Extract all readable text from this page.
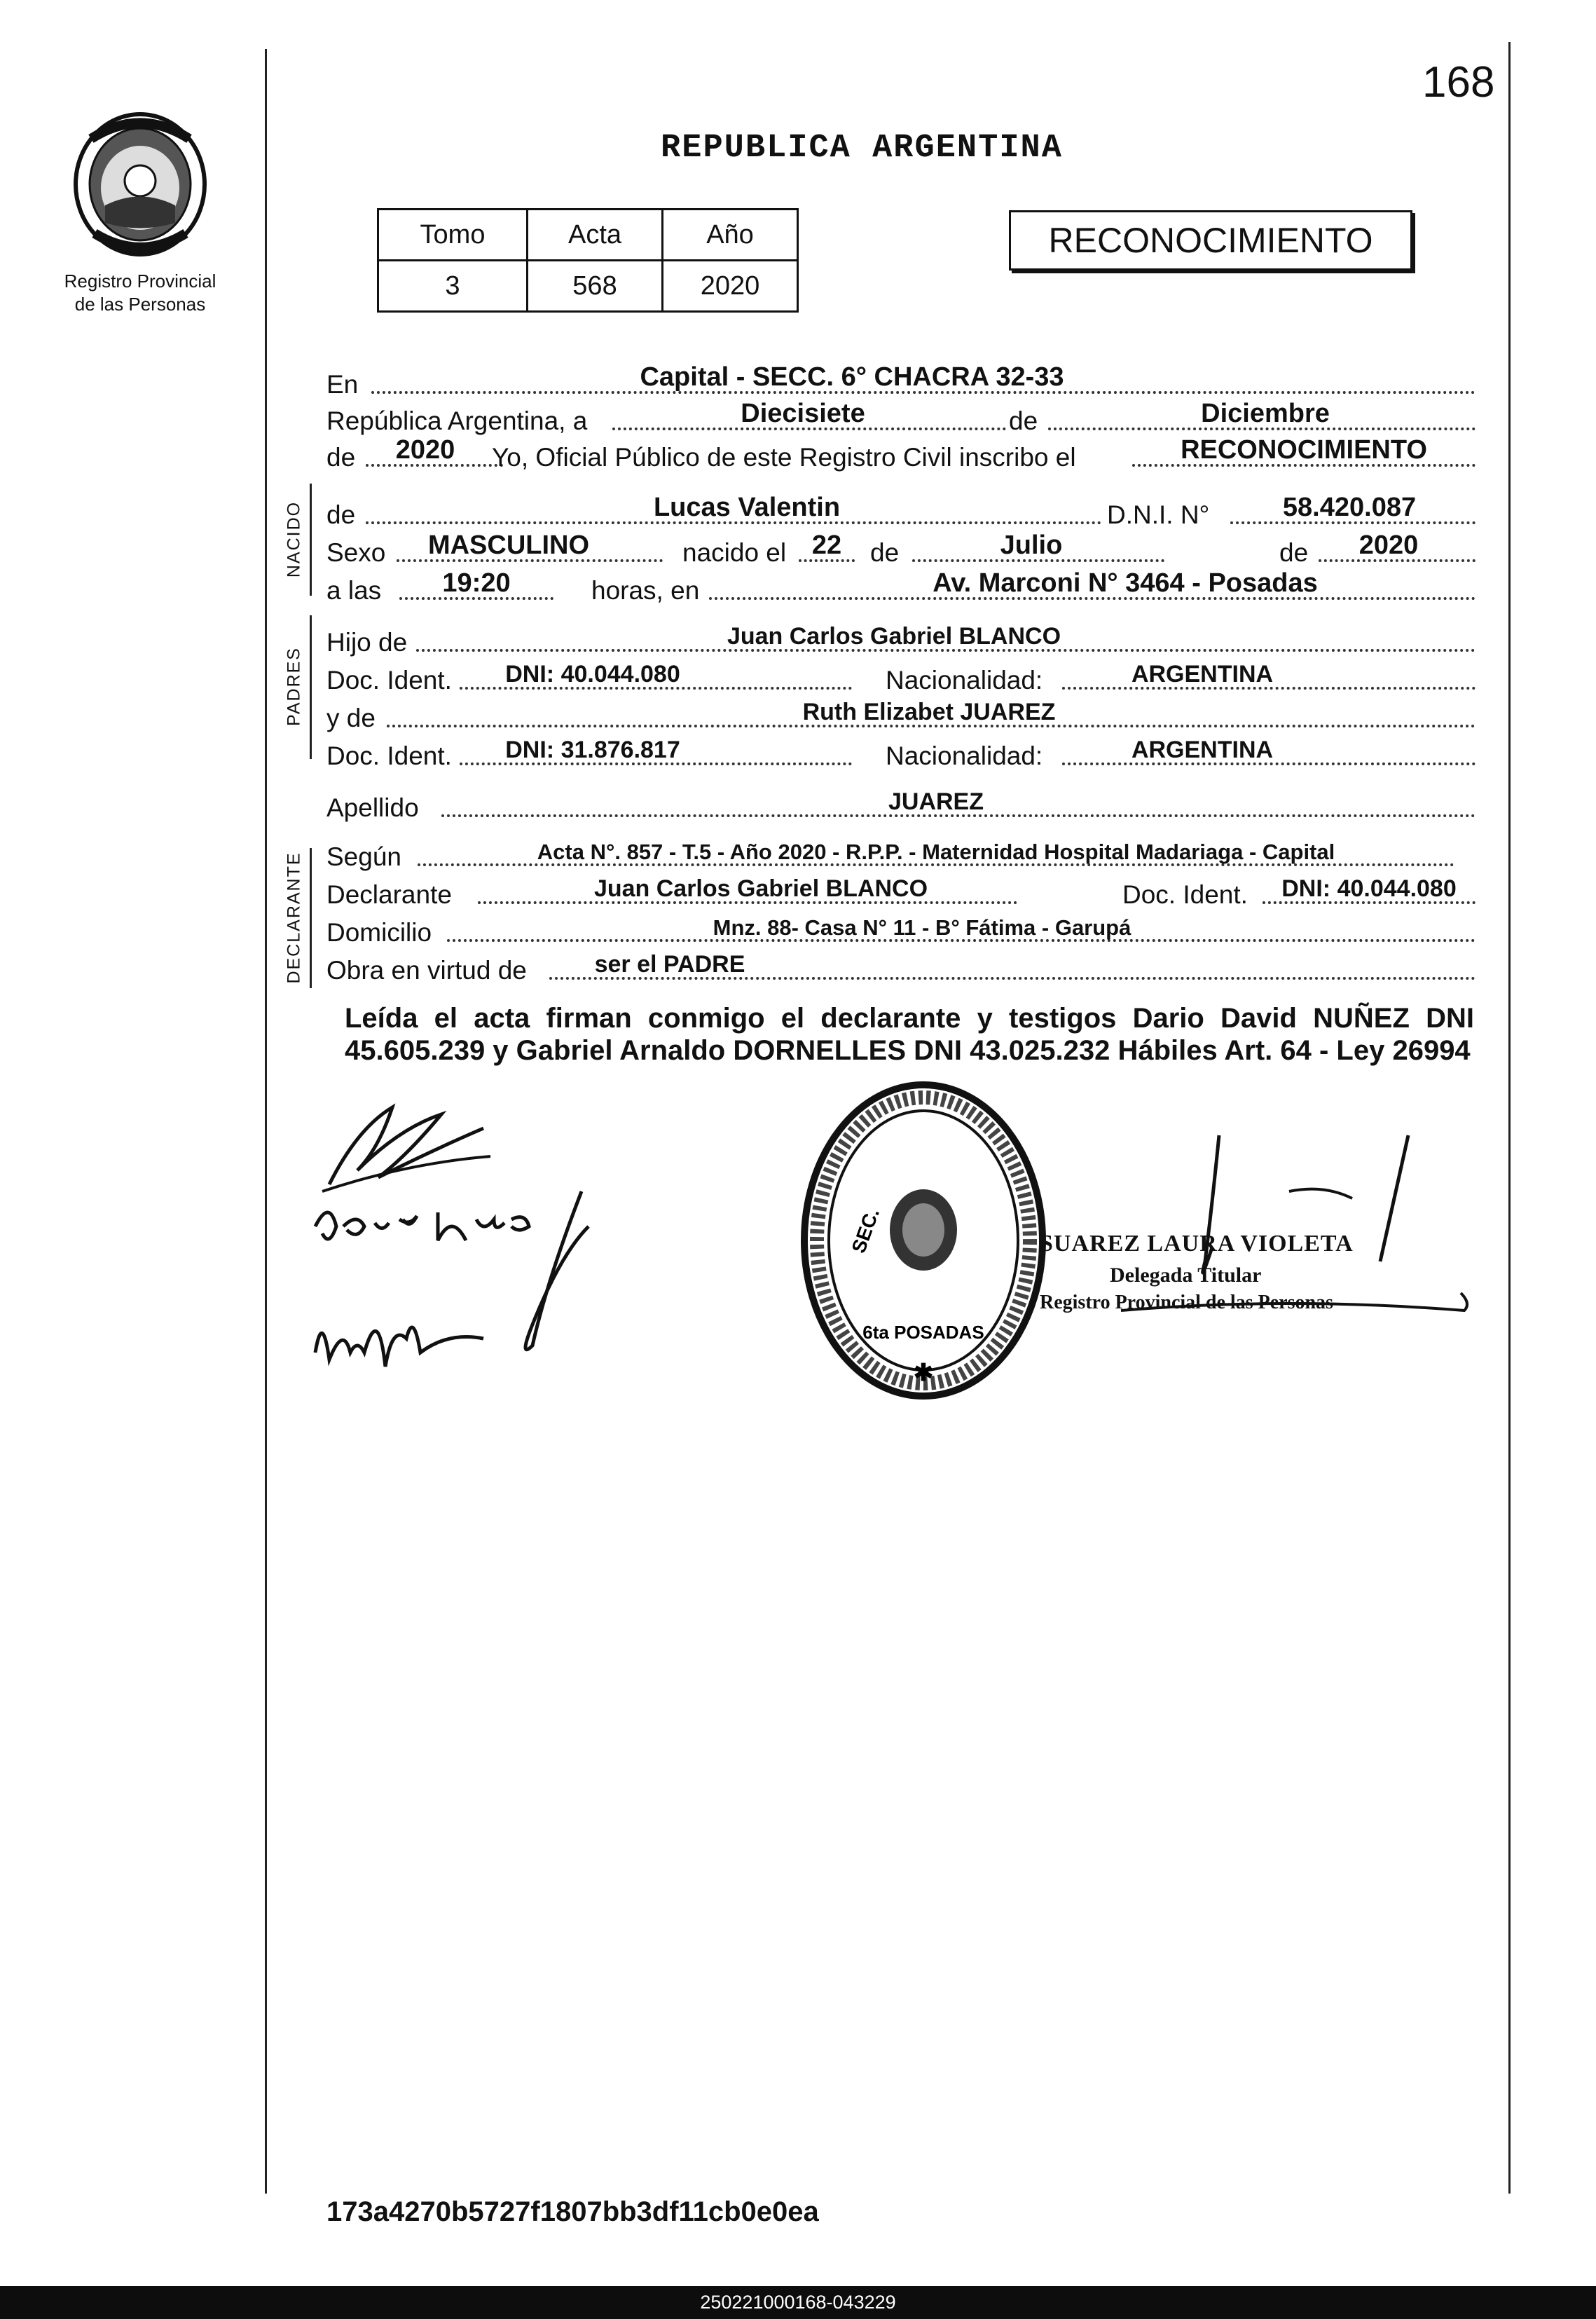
168
Registro Provincial
de las Personas
REPUBLICA ARGENTINA
Tomo	Acta	Año
3	568	2020
RECONOCIMIENTO
NACIDO
PADRES
DECLARANTE
En	Capital - SECC. 6° CHACRA 32-33
República Argentina, a	Diecisiete	de	Diciembre
de	2020	Yo, Oficial Público de este Registro Civil inscribo el	RECONOCIMIENTO
de	Lucas Valentin	D.N.I. N°	58.420.087
Sexo	MASCULINO	nacido el 22	de	Julio	de	2020
a las	19:20	horas, en	Av. Marconi N° 3464 - Posadas
Hijo de	Juan Carlos Gabriel BLANCO
Doc. Ident.	DNI: 40.044.080	Nacionalidad:	ARGENTINA
y de	Ruth Elizabet JUAREZ
Doc. Ident.	DNI: 31.876.817	Nacionalidad:	ARGENTINA
Apellido	JUAREZ
Según	Acta N°. 857 - T.5 - Año 2020 - R.P.P. - Maternidad Hospital Madariaga - Capital
Declarante	Juan Carlos Gabriel BLANCO	Doc. Ident.	DNI: 40.044.080
Domicilio	Mnz. 88- Casa N° 11 - B° Fátima - Garupá
Obra en virtud de	ser el PADRE
Leída el acta firman conmigo el declarante y testigos Dario David NUÑEZ DNI 45.605.239 y Gabriel Arnaldo DORNELLES DNI 43.025.232 Hábiles Art. 64 - Ley 26994
SEC.
6ta POSADAS
✱
SUAREZ LAURA VIOLETA
Delegada Titular
Registro Provincial de las Personas
173a4270b5727f1807bb3df11cb0e0ea
250221000168-043229
